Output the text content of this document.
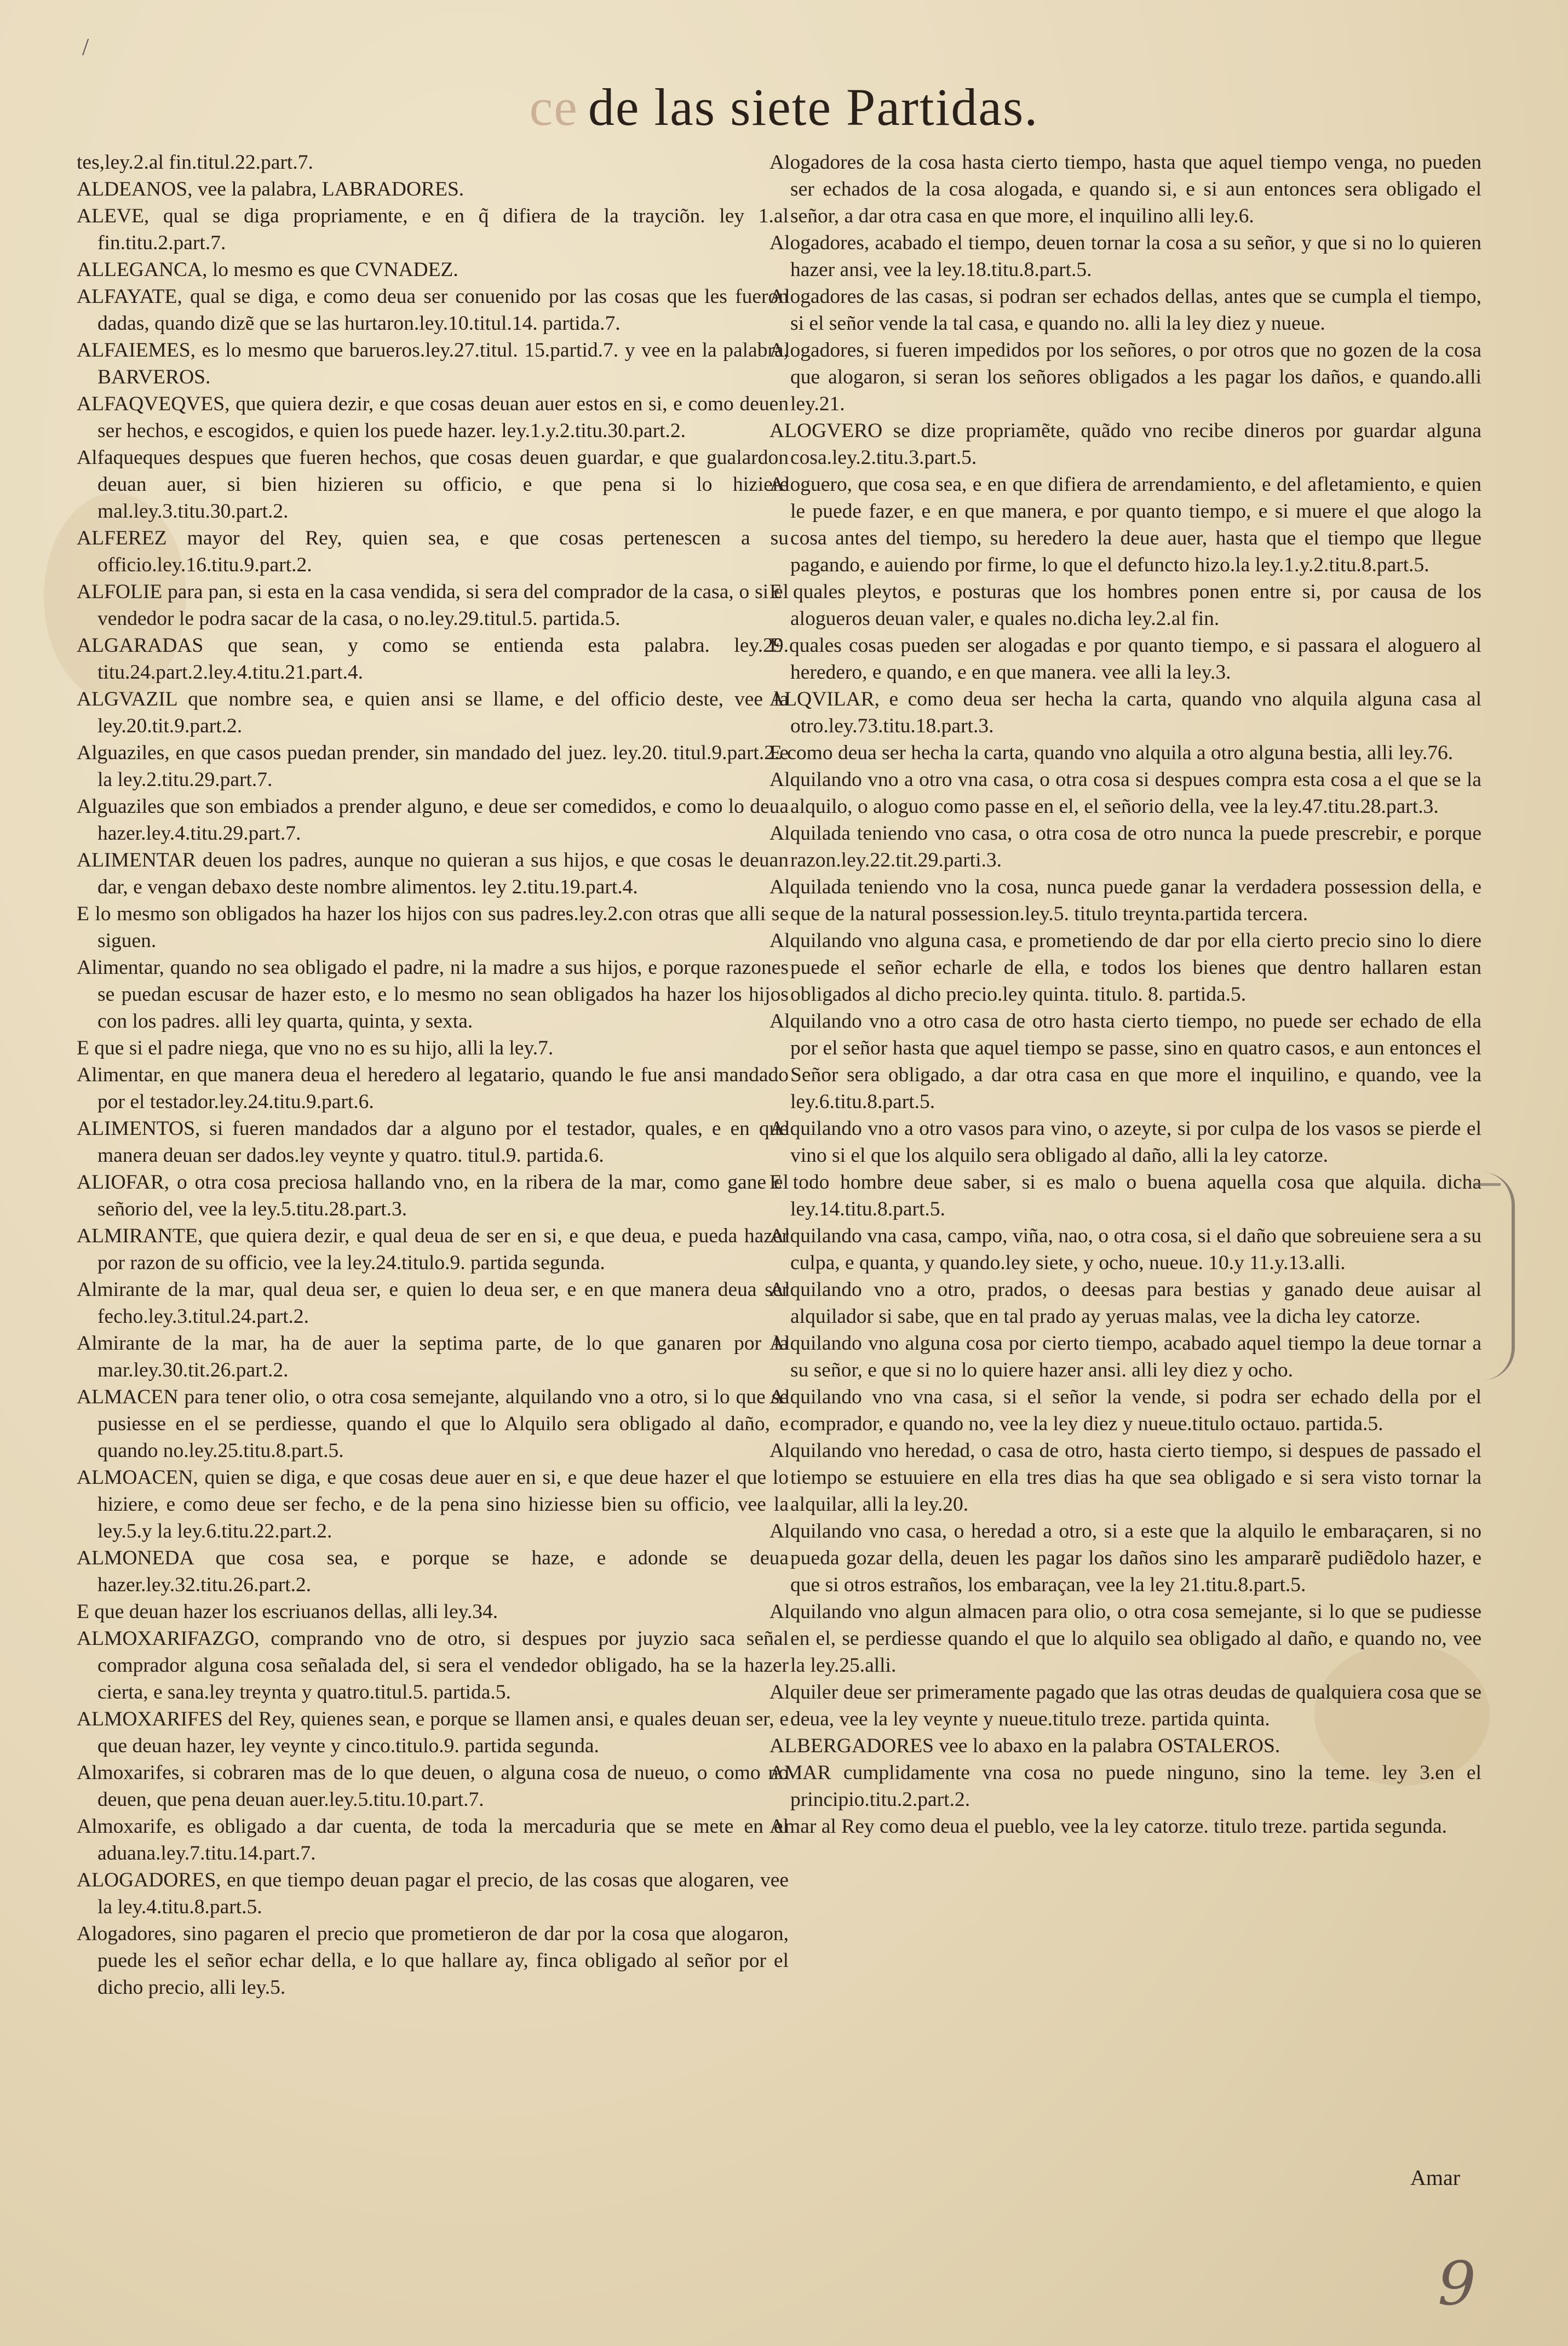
/
ce de las siete Partidas.

tes,ley.2.al fin.titul.22.part.7.

ALDEANOS, vee la palabra, LABRADORES.

ALEVE, qual se diga propriamente, e en q̃ difiera de la trayciõn. ley 1.al fin.titu.2.part.7.

ALLEGANCA, lo mesmo es que CVNADEZ.

ALFAYATE, qual se diga, e como deua ser conuenido por las cosas que les fueron dadas, quando dizẽ que se las hurtaron.ley.10.titul.14. partida.7.

ALFAIEMES, es lo mesmo que barueros.ley.27.titul. 15.partid.7. y vee en la palabra, BARVEROS.

ALFAQVEQVES, que quiera dezir, e que cosas deuan auer estos en si, e como deuen ser hechos, e escogidos, e quien los puede hazer. ley.1.y.2.titu.30.part.2.

Alfaqueques despues que fueren hechos, que cosas deuen guardar, e que gualardon deuan auer, si bien hizieren su officio, e que pena si lo hiziere mal.ley.3.titu.30.part.2.

ALFEREZ mayor del Rey, quien sea, e que cosas pertenescen a su officio.ley.16.titu.9.part.2.

ALFOLIE para pan, si esta en la casa vendida, si sera del comprador de la casa, o si el vendedor le podra sacar de la casa, o no.ley.29.titul.5. partida.5.

ALGARADAS que sean, y como se entienda esta palabra. ley.29. titu.24.part.2.ley.4.titu.21.part.4.

ALGVAZIL que nombre sea, e quien ansi se llame, e del officio deste, vee la ley.20.tit.9.part.2.

Alguaziles, en que casos puedan prender, sin mandado del juez. ley.20. titul.9.part.2.e la ley.2.titu.29.part.7.

Alguaziles que son embiados a prender alguno, e deue ser comedidos, e como lo deua hazer.ley.4.titu.29.part.7.

ALIMENTAR deuen los padres, aunque no quieran a sus hijos, e que cosas le deuan dar, e vengan debaxo deste nombre alimentos. ley 2.titu.19.part.4.

E lo mesmo son obligados ha hazer los hijos con sus padres.ley.2.con otras que alli se siguen.

Alimentar, quando no sea obligado el padre, ni la madre a sus hijos, e porque razones se puedan escusar de hazer esto, e lo mesmo no sean obligados ha hazer los hijos con los padres. alli ley quarta, quinta, y sexta.

E que si el padre niega, que vno no es su hijo, alli la ley.7.

Alimentar, en que manera deua el heredero al legatario, quando le fue ansi mandado por el testador.ley.24.titu.9.part.6.

ALIMENTOS, si fueren mandados dar a alguno por el testador, quales, e en que manera deuan ser dados.ley veynte y quatro. titul.9. partida.6.

ALIOFAR, o otra cosa preciosa hallando vno, en la ribera de la mar, como gane el señorio del, vee la ley.5.titu.28.part.3.

ALMIRANTE, que quiera dezir, e qual deua de ser en si, e que deua, e pueda hazer por razon de su officio, vee la ley.24.titulo.9. partida segunda.

Almirante de la mar, qual deua ser, e quien lo deua ser, e en que manera deua ser fecho.ley.3.titul.24.part.2.

Almirante de la mar, ha de auer la septima parte, de lo que ganaren por la mar.ley.30.tit.26.part.2.

ALMACEN para tener olio, o otra cosa semejante, alquilando vno a otro, si lo que se pusiesse en el se perdiesse, quando el que lo Alquilo sera obligado al daño, e quando no.ley.25.titu.8.part.5.

ALMOACEN, quien se diga, e que cosas deue auer en si, e que deue hazer el que lo hiziere, e como deue ser fecho, e de la pena sino hiziesse bien su officio, vee la ley.5.y la ley.6.titu.22.part.2.

ALMONEDA que cosa sea, e porque se haze, e adonde se deua hazer.ley.32.titu.26.part.2.

E que deuan hazer los escriuanos dellas, alli ley.34.

ALMOXARIFAZGO, comprando vno de otro, si despues por juyzio saca señal comprador alguna cosa señalada del, si sera el vendedor obligado, ha se la hazer cierta, e sana.ley treynta y quatro.titul.5. partida.5.

ALMOXARIFES del Rey, quienes sean, e porque se llamen ansi, e quales deuan ser, e que deuan hazer, ley veynte y cinco.titulo.9. partida segunda.

Almoxarifes, si cobraren mas de lo que deuen, o alguna cosa de nueuo, o como no deuen, que pena deuan auer.ley.5.titu.10.part.7.

Almoxarife, es obligado a dar cuenta, de toda la mercaduria que se mete en el aduana.ley.7.titu.14.part.7.

ALOGADORES, en que tiempo deuan pagar el precio, de las cosas que alogaren, vee la ley.4.titu.8.part.5.

Alogadores, sino pagaren el precio que prometieron de dar por la cosa que alogaron, puede les el señor echar della, e lo que hallare ay, finca obligado al señor por el dicho precio, alli ley.5.

Alogadores de la cosa hasta cierto tiempo, hasta que aquel tiempo venga, no pueden ser echados de la cosa alogada, e quando si, e si aun entonces sera obligado el señor, a dar otra casa en que more, el inquilino alli ley.6.

Alogadores, acabado el tiempo, deuen tornar la cosa a su señor, y que si no lo quieren hazer ansi, vee la ley.18.titu.8.part.5.

Alogadores de las casas, si podran ser echados dellas, antes que se cumpla el tiempo, si el señor vende la tal casa, e quando no. alli la ley diez y nueue.

Alogadores, si fueren impedidos por los señores, o por otros que no gozen de la cosa que alogaron, si seran los señores obligados a les pagar los daños, e quando.alli ley.21.

ALOGVERO se dize propriamẽte, quãdo vno recibe dineros por guardar alguna cosa.ley.2.titu.3.part.5.

Aloguero, que cosa sea, e en que difiera de arrendamiento, e del afletamiento, e quien le puede fazer, e en que manera, e por quanto tiempo, e si muere el que alogo la cosa antes del tiempo, su heredero la deue auer, hasta que el tiempo que llegue pagando, e auiendo por firme, lo que el defuncto hizo.la ley.1.y.2.titu.8.part.5.

E quales pleytos, e posturas que los hombres ponen entre si, por causa de los alogueros deuan valer, e quales no.dicha ley.2.al fin.

E quales cosas pueden ser alogadas e por quanto tiempo, e si passara el aloguero al heredero, e quando, e en que manera. vee alli la ley.3.

ALQVILAR, e como deua ser hecha la carta, quando vno alquila alguna casa al otro.ley.73.titu.18.part.3.

E como deua ser hecha la carta, quando vno alquila a otro alguna bestia, alli ley.76.

Alquilando vno a otro vna casa, o otra cosa si despues compra esta cosa a el que se la alquilo, o aloguo como passe en el, el señorio della, vee la ley.47.titu.28.part.3.

Alquilada teniendo vno casa, o otra cosa de otro nunca la puede prescrebir, e porque razon.ley.22.tit.29.parti.3.

Alquilada teniendo vno la cosa, nunca puede ganar la verdadera possession della, e que de la natural possession.ley.5. titulo treynta.partida tercera.

Alquilando vno alguna casa, e prometiendo de dar por ella cierto precio sino lo diere puede el señor echarle de ella, e todos los bienes que dentro hallaren estan obligados al dicho precio.ley quinta. titulo. 8. partida.5.

Alquilando vno a otro casa de otro hasta cierto tiempo, no puede ser echado de ella por el señor hasta que aquel tiempo se passe, sino en quatro casos, e aun entonces el Señor sera obligado, a dar otra casa en que more el inquilino, e quando, vee la ley.6.titu.8.part.5.

Alquilando vno a otro vasos para vino, o azeyte, si por culpa de los vasos se pierde el vino si el que los alquilo sera obligado al daño, alli la ley catorze.

E todo hombre deue saber, si es malo o buena aquella cosa que alquila. dicha ley.14.titu.8.part.5.

Alquilando vna casa, campo, viña, nao, o otra cosa, si el daño que sobreuiene sera a su culpa, e quanta, y quando.ley siete, y ocho, nueue. 10.y 11.y.13.alli.

Alquilando vno a otro, prados, o deesas para bestias y ganado deue auisar al alquilador si sabe, que en tal prado ay yeruas malas, vee la dicha ley catorze.

Alquilando vno alguna cosa por cierto tiempo, acabado aquel tiempo la deue tornar a su señor, e que si no lo quiere hazer ansi. alli ley diez y ocho.

Alquilando vno vna casa, si el señor la vende, si podra ser echado della por el comprador, e quando no, vee la ley diez y nueue.titulo octauo. partida.5.

Alquilando vno heredad, o casa de otro, hasta cierto tiempo, si despues de passado el tiempo se estuuiere en ella tres dias ha que sea obligado e si sera visto tornar la alquilar, alli la ley.20.

Alquilando vno casa, o heredad a otro, si a este que la alquilo le embaraçaren, si no pueda gozar della, deuen les pagar los daños sino les ampararẽ pudiẽdolo hazer, e que si otros estraños, los embaraçan, vee la ley 21.titu.8.part.5.

Alquilando vno algun almacen para olio, o otra cosa semejante, si lo que se pudiesse en el, se perdiesse quando el que lo alquilo sea obligado al daño, e quando no, vee la ley.25.alli.

Alquiler deue ser primeramente pagado que las otras deudas de qualquiera cosa que se deua, vee la ley veynte y nueue.titulo treze. partida quinta.

ALBERGADORES vee lo abaxo en la palabra OSTALEROS.

AMAR cumplidamente vna cosa no puede ninguno, sino la teme. ley 3.en el principio.titu.2.part.2.

Amar al Rey como deua el pueblo, vee la ley catorze. titulo treze. partida segunda.

Amar
9
